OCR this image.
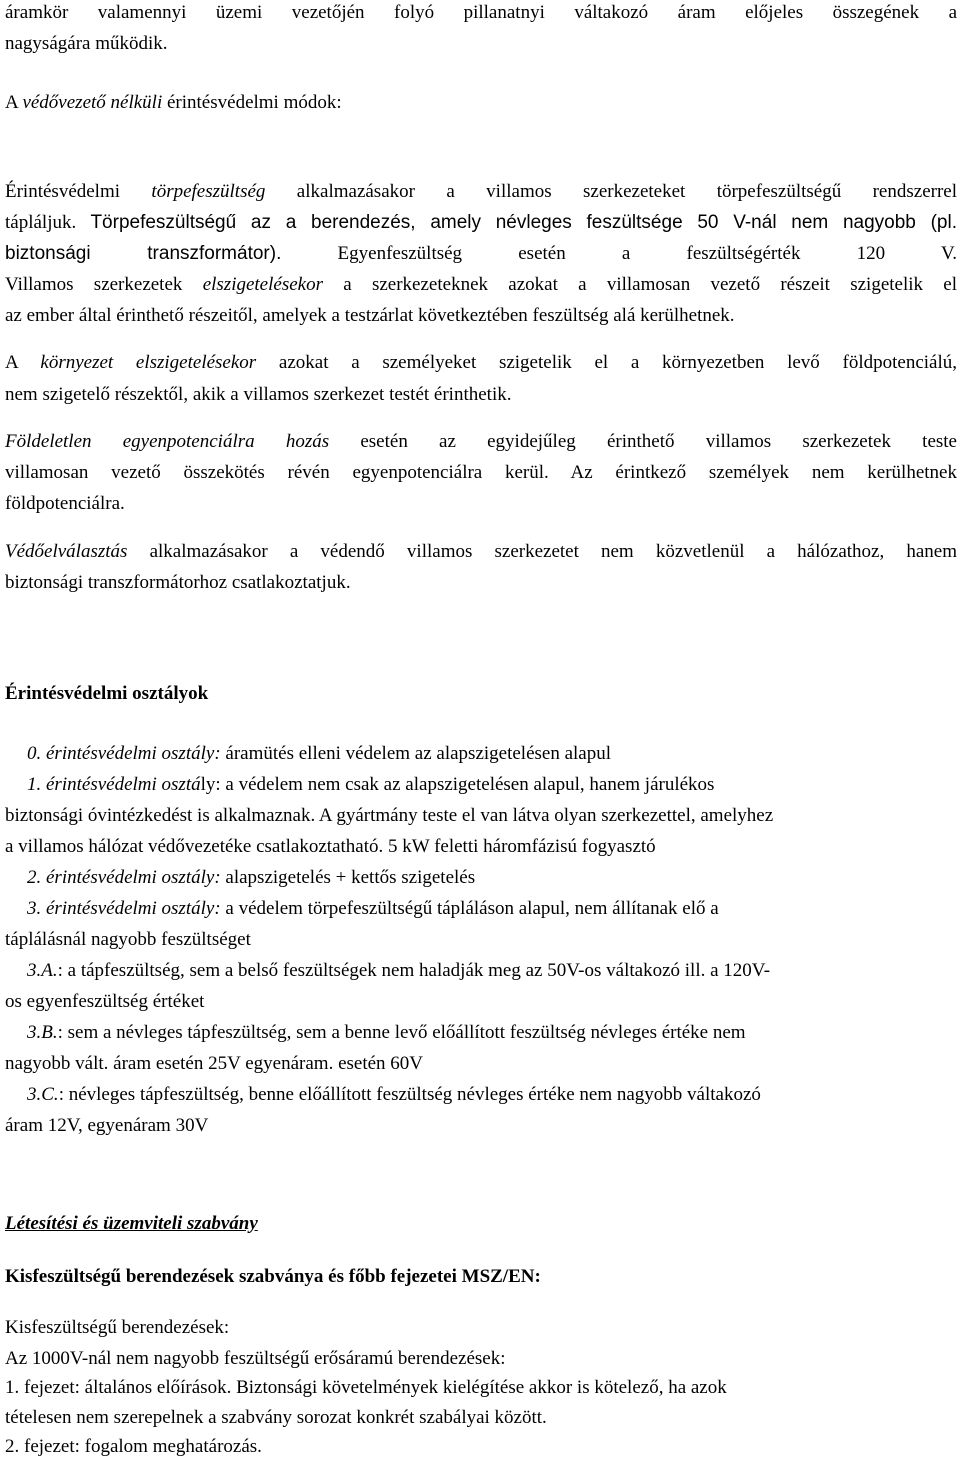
áramkör valamennyi üzemi vezetőjén folyó pillanatnyi váltakozó áram előjeles összegének a
nagyságára működik.
A védővezető nélküli érintésvédelmi módok:
Érintésvédelmi törpefeszültség alkalmazásakor a villamos szerkezeteket törpefeszültségű rendszerrel
tápláljuk. Törpefeszültségű az a berendezés, amely névleges feszültsége 50 V-nál nem nagyobb (pl.
biztonsági transzformátor). Egyenfeszültség esetén a feszültségérték 120 V.
Villamos szerkezetek elszigetelésekor a szerkezeteknek azokat a villamosan vezető részeit szigetelik el
az ember által érinthető részeitől, amelyek a testzárlat következtében feszültség alá kerülhetnek.
A környezet elszigetelésekor azokat a személyeket szigetelik el a környezetben levő földpotenciálú,
nem szigetelő részektől, akik a villamos szerkezet testét érinthetik.
Földeletlen egyenpotenciálra hozás esetén az egyidejűleg érinthető villamos szerkezetek teste
villamosan vezető összekötés révén egyenpotenciálra kerül. Az érintkező személyek nem kerülhetnek
földpotenciálra.
Védőelválasztás alkalmazásakor a védendő villamos szerkezetet nem közvetlenül a hálózathoz, hanem
biztonsági transzformátorhoz csatlakoztatjuk.
Érintésvédelmi osztályok
0. érintésvédelmi osztály: áramütés elleni védelem az alapszigetelésen alapul
1. érintésvédelmi osztály: a védelem nem csak az alapszigetelésen alapul, hanem járulékos
biztonsági óvintézkedést is alkalmaznak. A gyártmány teste el van látva olyan szerkezettel, amelyhez
a villamos hálózat védővezetéke csatlakoztatható. 5 kW feletti háromfázisú fogyasztó
2. érintésvédelmi osztály: alapszigetelés + kettős szigetelés
3. érintésvédelmi osztály: a védelem törpefeszültségű tápláláson alapul, nem állítanak elő a
táplálásnál nagyobb feszültséget
3.A.: a tápfeszültség, sem a belső feszültségek nem haladják meg az 50V-os váltakozó ill. a 120V-
os egyenfeszültség értéket
3.B.: sem a névleges tápfeszültség, sem a benne levő előállított feszültség névleges értéke nem
nagyobb vált. áram esetén 25V egyenáram. esetén 60V
3.C.: névleges tápfeszültség, benne előállított feszültség névleges értéke nem nagyobb váltakozó
áram 12V, egyenáram 30V
Létesítési és üzemviteli szabvány
Kisfeszültségű berendezések szabványa és főbb fejezetei MSZ/EN:
Kisfeszültségű berendezések:
Az 1000V-nál nem nagyobb feszültségű erősáramú berendezések:
1. fejezet: általános előírások. Biztonsági követelmények kielégítése akkor is kötelező, ha azok
tételesen nem szerepelnek a szabvány sorozat konkrét szabályai között.
2. fejezet: fogalom meghatározás.
